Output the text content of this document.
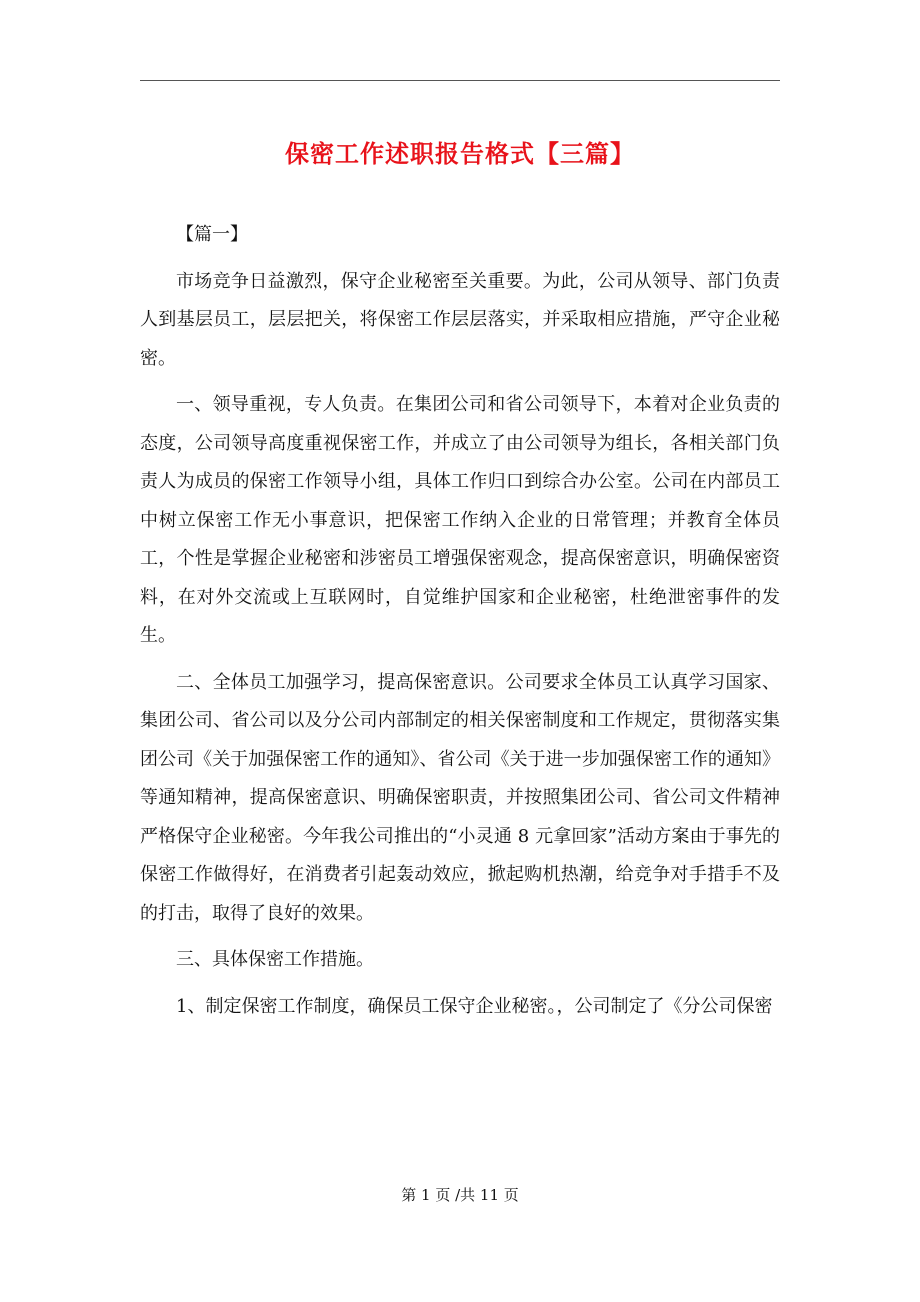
保密工作述职报告格式【三篇】

【篇一】

市场竞争日益激烈，保守企业秘密至关重要。为此，公司从领导、部门负责人到基层员工，层层把关，将保密工作层层落实，并采取相应措施，严守企业秘密。

一、领导重视，专人负责。在集团公司和省公司领导下，本着对企业负责的态度，公司领导高度重视保密工作，并成立了由公司领导为组长，各相关部门负责人为成员的保密工作领导小组，具体工作归口到综合办公室。公司在内部员工中树立保密工作无小事意识，把保密工作纳入企业的日常管理；并教育全体员工，个性是掌握企业秘密和涉密员工增强保密观念，提高保密意识，明确保密资料，在对外交流或上互联网时，自觉维护国家和企业秘密，杜绝泄密事件的发生。

二、全体员工加强学习，提高保密意识。公司要求全体员工认真学习国家、集团公司、省公司以及分公司内部制定的相关保密制度和工作规定，贯彻落实集团公司《关于加强保密工作的通知》、省公司《关于进一步加强保密工作的通知》等通知精神，提高保密意识、明确保密职责，并按照集团公司、省公司文件精神严格保守企业秘密。今年我公司推出的“小灵通 8 元拿回家”活动方案由于事先的保密工作做得好，在消费者引起轰动效应，掀起购机热潮，给竞争对手措手不及的打击，取得了良好的效果。

三、具体保密工作措施。

1、制定保密工作制度，确保员工保守企业秘密。，公司制定了《分公司保密

第 1 页 /共 11 页
